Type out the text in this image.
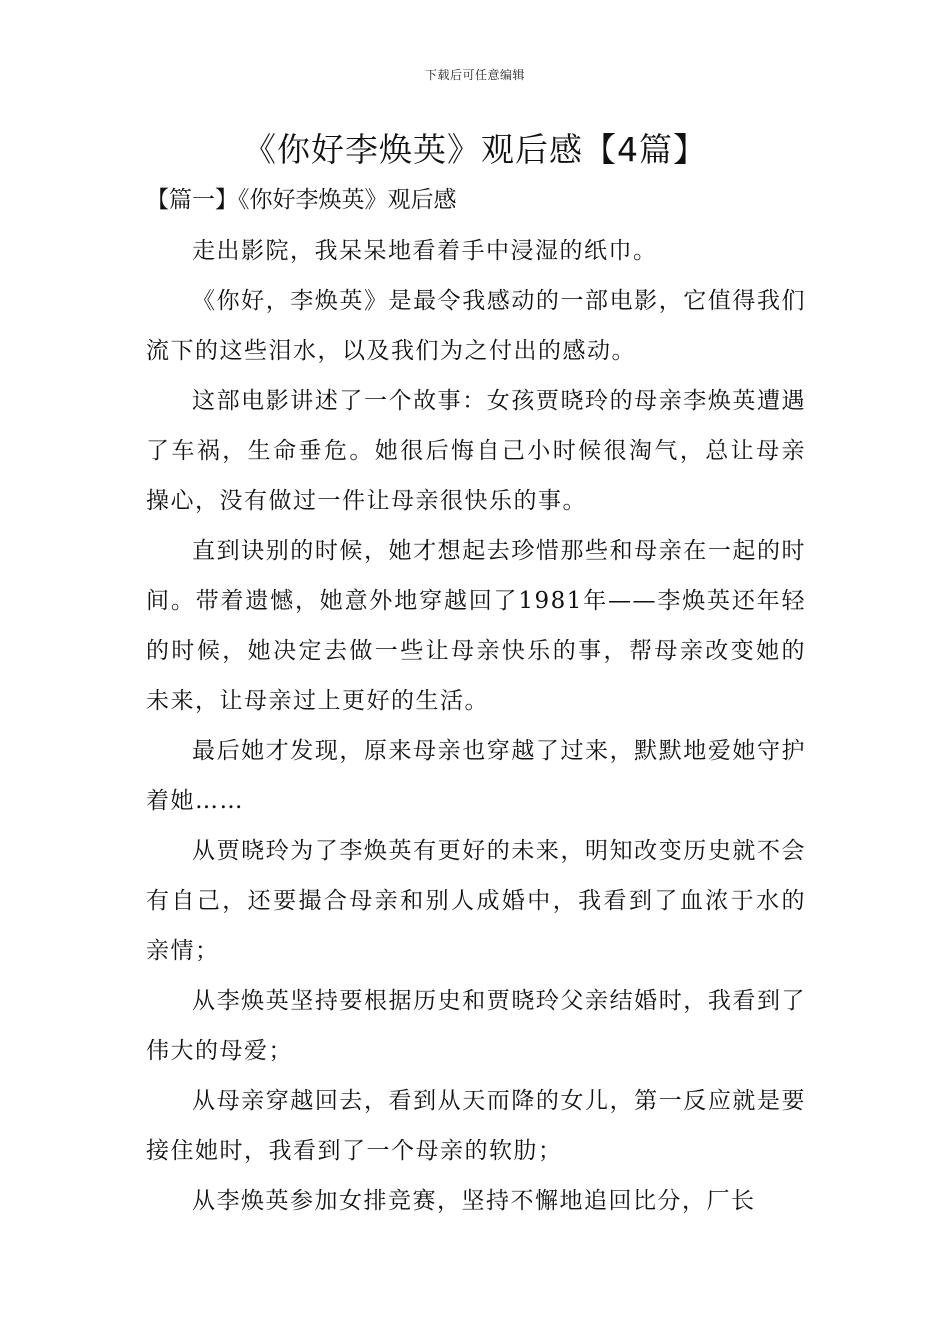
下载后可任意编辑
《你好李焕英》观后感【4篇】
【篇一】《你好李焕英》观后感

走出影院，我呆呆地看着手中浸湿的纸巾。

《你好，李焕英》是最令我感动的一部电影，它值得我们流下的这些泪水，以及我们为之付出的感动。

这部电影讲述了一个故事：女孩贾晓玲的母亲李焕英遭遇了车祸，生命垂危。她很后悔自己小时候很淘气，总让母亲操心，没有做过一件让母亲很快乐的事。

直到诀别的时候，她才想起去珍惜那些和母亲在一起的时间。带着遗憾，她意外地穿越回了1981年——李焕英还年轻的时候，她决定去做一些让母亲快乐的事，帮母亲改变她的未来，让母亲过上更好的生活。

最后她才发现，原来母亲也穿越了过来，默默地爱她守护着她……

从贾晓玲为了李焕英有更好的未来，明知改变历史就不会有自己，还要撮合母亲和别人成婚中，我看到了血浓于水的亲情；

从李焕英坚持要根据历史和贾晓玲父亲结婚时，我看到了伟大的母爱；

从母亲穿越回去，看到从天而降的女儿，第一反应就是要接住她时，我看到了一个母亲的软肋；

从李焕英参加女排竞赛，坚持不懈地追回比分，厂长
